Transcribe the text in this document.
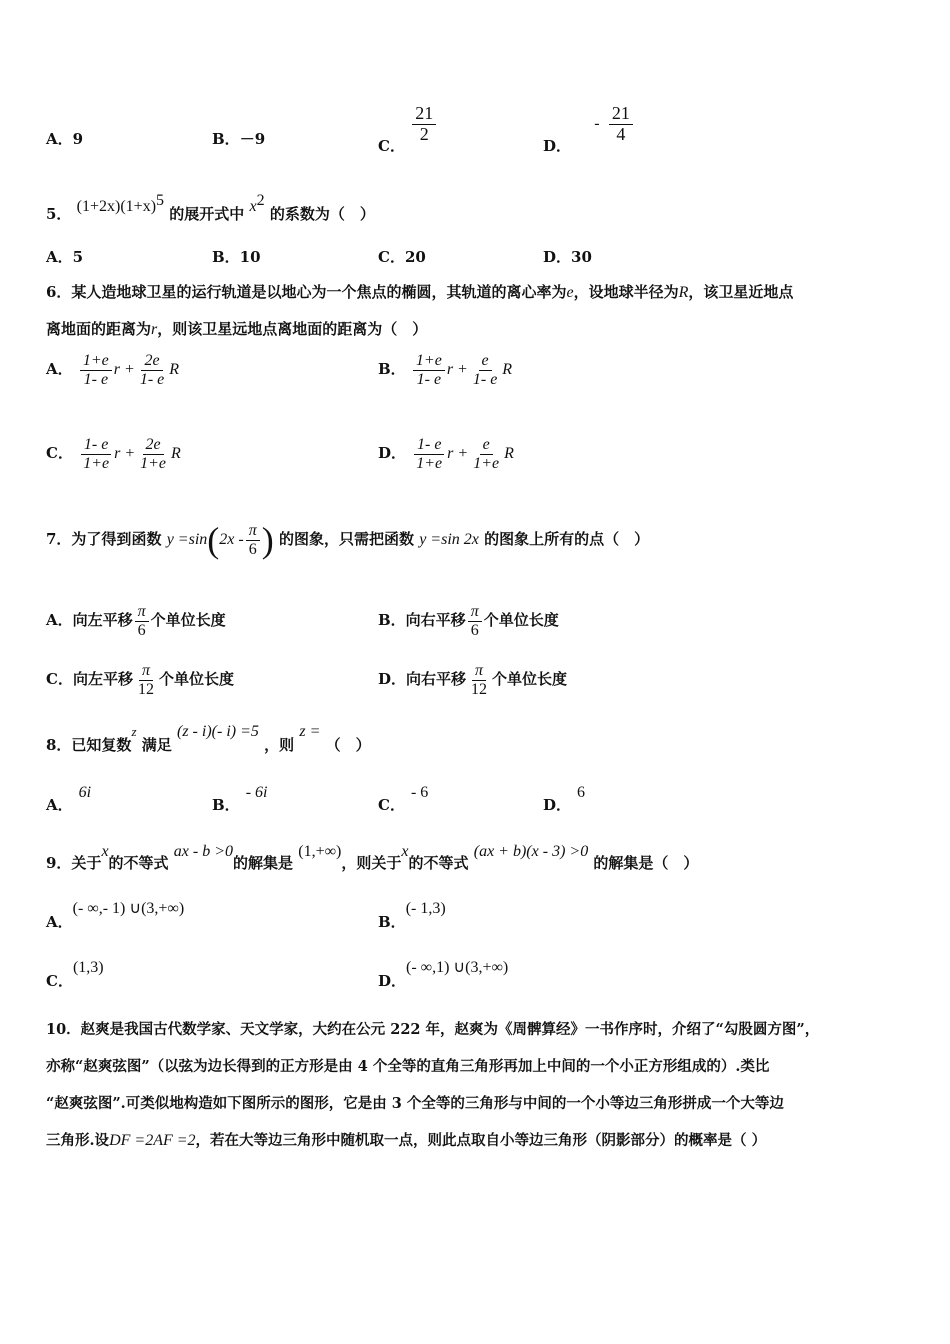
A．9	B．－9	C．
$\frac{21}{2}$
D． - $\frac{21}{4}$
5． $(1+2x)(1+x)^5$ 的展开式中 $x^2$ 的系数为（　）
A．5	B．10	C．20	D．30
6．某人造地球卫星的运行轨道是以地心为一个焦点的椭圆，其轨道的离心率为e，设地球半径为R，该卫星近地点
离地面的距离为r，则该卫星远地点离地面的距离为（　）
A． $\frac{1+e}{1- e}$ $r + \frac{2e}{1- e}$ R	B． $\frac{1+e}{1- e}$ $r + \frac{e}{1- e}$ R
C． $\frac{1- e}{1+e}$ $r + \frac{2e}{1+e}$ R	D． $\frac{1- e}{1+e}$ $r + \frac{e}{1+e}$ R
7．为了得到函数 $y =\sin(2x - \frac{\pi}{6}$ ) 的图象，只需把函数 y =sin 2x 的图象上所有的点（　）
A．向左平移 $\frac{\pi}{6}$ 个单位长度	B．向右平移 $\frac{\pi}{6}$ 个单位长度
C．向左平移 $\frac{\pi}{12}$ 个单位长度	D．向右平移 $\frac{\pi}{12}$ 个单位长度
8．已知复数z 满足 (z - i)(- i) =5 ，则 z = （　）
A．6i
B．- 6i
C．- 6
D．6
9．关于x的不等式 ax - b >0的解集是 (1,+∞)，则关于x的不等式 (ax + b)(x - 3) >0 的解集是（　）
A．(- ∞,- 1) ∪(3,+∞)
B．(- 1,3)
C．(1,3)
D．(- ∞,1) ∪(3,+∞)
10．赵爽是我国古代数学家、天文学家，大约在公元 222 年，赵爽为《周髀算经》一书作序时，介绍了“勾股圆方图”，
亦称“赵爽弦图”（以弦为边长得到的正方形是由 4 个全等的直角三角形再加上中间的一个小正方形组成的）.类比
“赵爽弦图”.可类似地构造如下图所示的图形，它是由 3 个全等的三角形与中间的一个小等边三角形拼成一个大等边
三角形.设DF =2AF =2，若在大等边三角形中随机取一点，则此点取自小等边三角形（阴影部分）的概率是（ ）
